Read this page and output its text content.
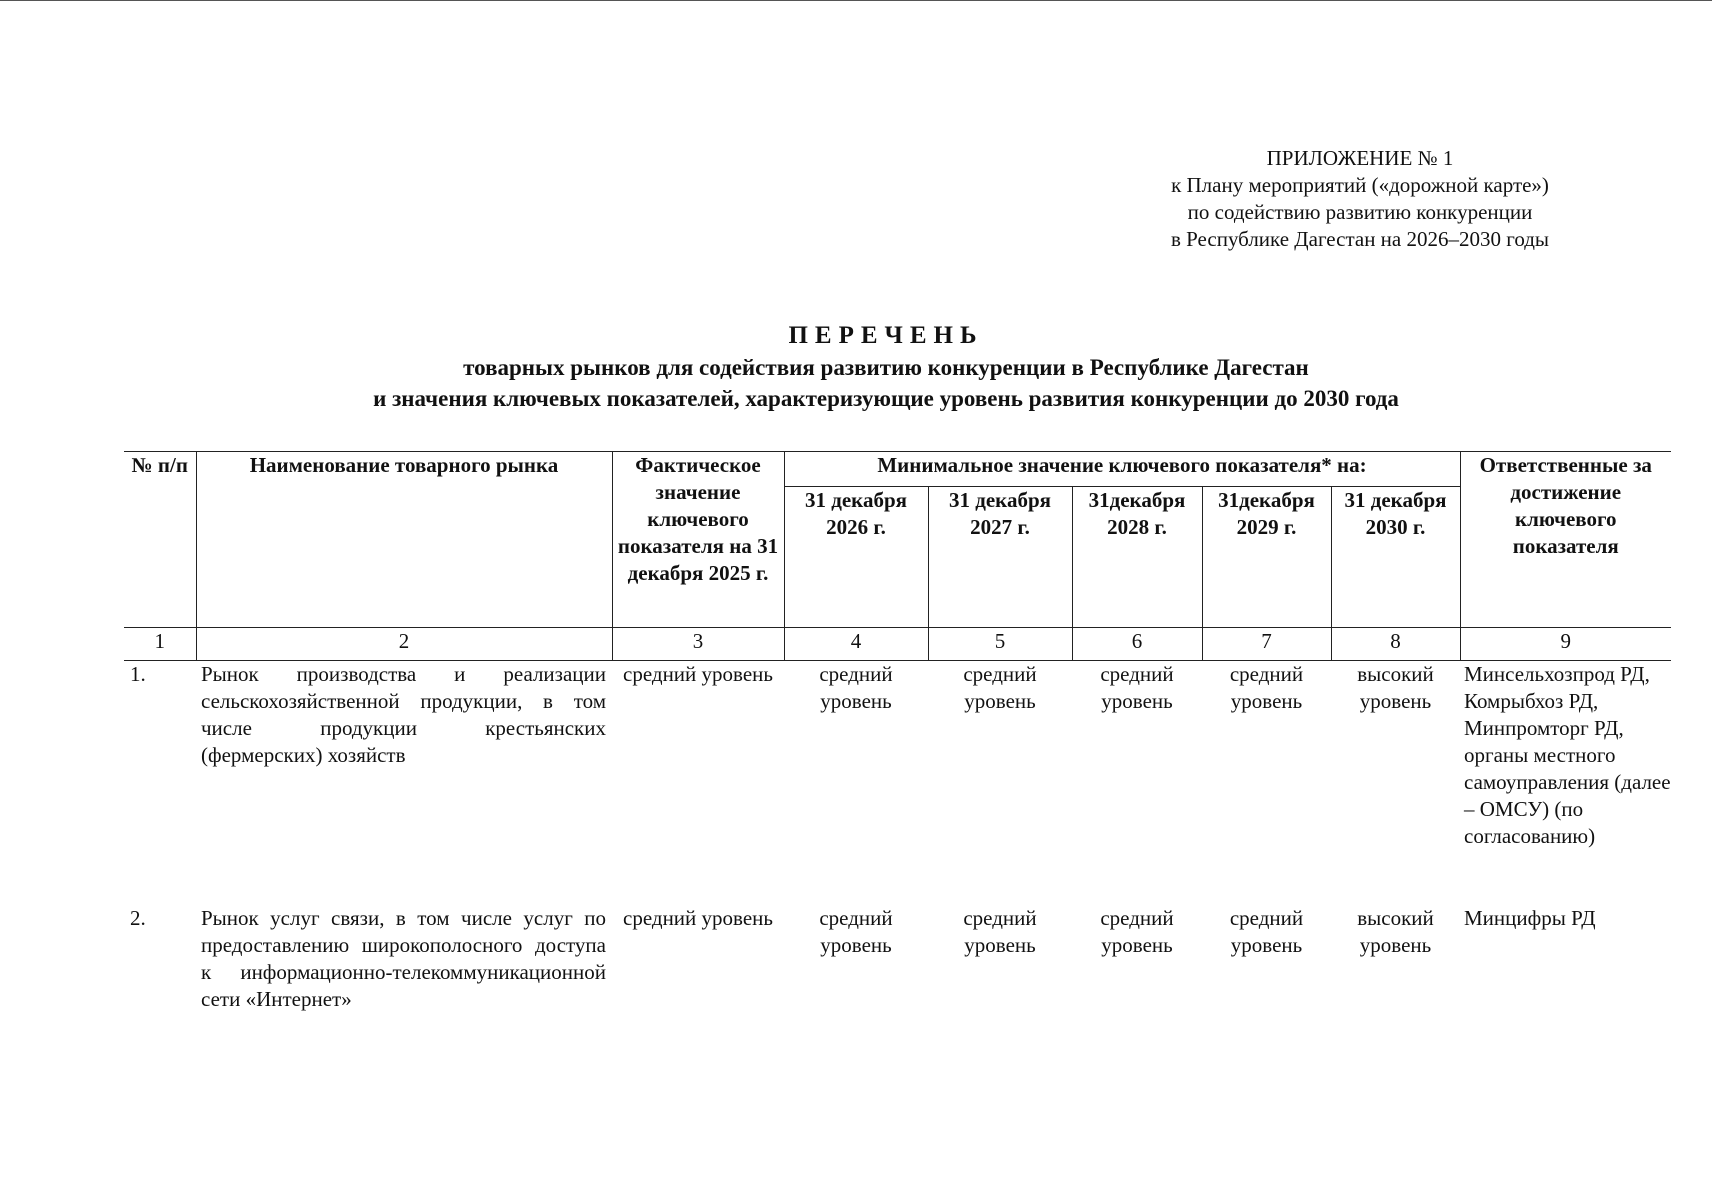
ПРИЛОЖЕНИЕ № 1
к Плану мероприятий («дорожной карте»)
по содействию развитию конкуренции
в Республике Дагестан на 2026–2030 годы
ПЕРЕЧЕНЬ
товарных рынков для содействия развитию конкуренции в Республике Дагестан
и значения ключевых показателей, характеризующие уровень развития конкуренции до 2030 года
№ п/п	Наименование товарного рынка	Фактическое значение ключевого показателя на 31 декабря 2025 г.	Минимальное значение ключевого показателя* на:					Ответственные за достижение ключевого показателя
			31 декабря 2026 г.	31 декабря 2027 г.	31декабря 2028 г.	31декабря 2029 г.	31 декабря 2030 г.	
1	2	3	4	5	6	7	8	9
1.	Рынок производства и реализации сельскохозяйственной продукции, в том числе продукции крестьянских (фермерских) хозяйств	средний уровень	средний уровень	средний уровень	средний уровень	средний уровень	высокий уровень	Минсельхозпрод РД, Комрыбхоз РД, Минпромторг РД, органы местного самоуправления (далее – ОМСУ) (по согласованию)
2.	Рынок услуг связи, в том числе услуг по предоставлению широкополосного доступа к информационно-телекоммуникационной сети «Интернет»	средний уровень	средний уровень	средний уровень	средний уровень	средний уровень	высокий уровень	Минцифры РД
